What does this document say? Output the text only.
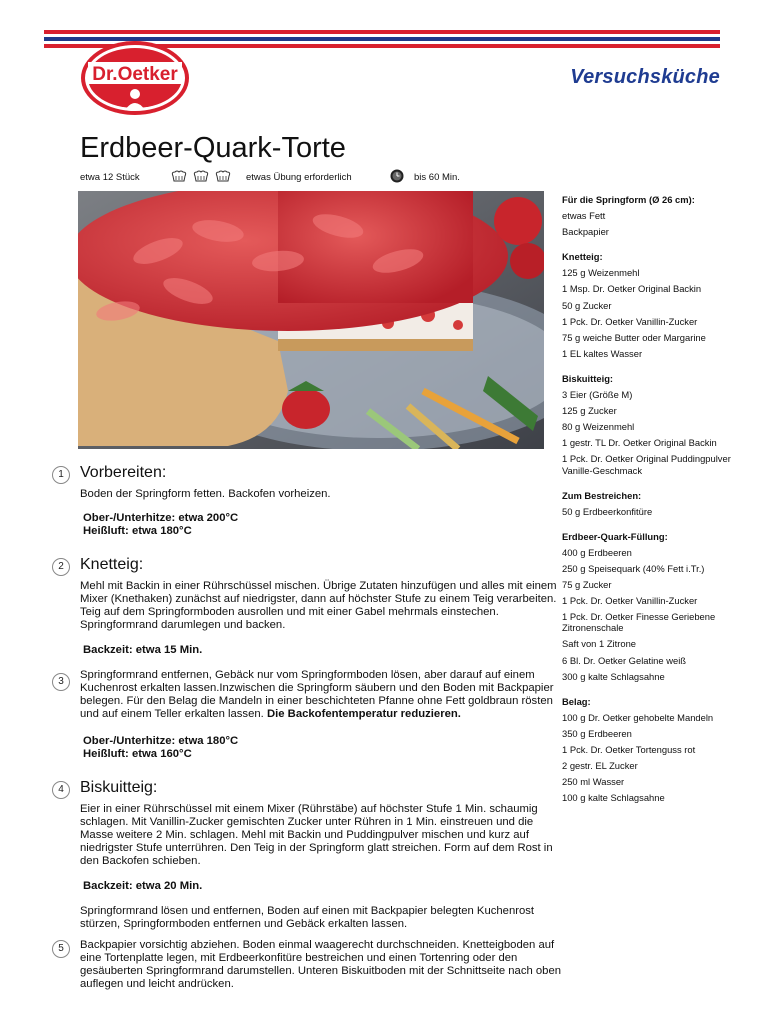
Dr.Oetker	Versuchsküche
Erdbeer-Quark-Torte
etwa 12 Stück	etwas Übung erforderlich	bis 60 Min.
Für die Springform (Ø 26 cm):
etwas Fett
Backpapier
Knetteig:
125 g Weizenmehl
1 Msp. Dr. Oetker Original Backin
50 g Zucker
1 Pck. Dr. Oetker Vanillin-Zucker
75 g weiche Butter oder Margarine
1 EL kaltes Wasser
Biskuitteig:
3 Eier (Größe M)
125 g Zucker
80 g Weizenmehl
1 gestr. TL Dr. Oetker Original Backin
1 Pck. Dr. Oetker Original Puddingpulver Vanille-Geschmack
Zum Bestreichen:
50 g Erdbeerkonfitüre
Erdbeer-Quark-Füllung:
400 g Erdbeeren
250 g Speisequark (40% Fett i.Tr.)
75 g Zucker
1 Pck. Dr. Oetker Vanillin-Zucker
1 Pck. Dr. Oetker Finesse Geriebene Zitronenschale
Saft von 1 Zitrone
6 Bl. Dr. Oetker Gelatine weiß
300 g kalte Schlagsahne
Belag:
100 g Dr. Oetker gehobelte Mandeln
350 g Erdbeeren
1 Pck. Dr. Oetker Tortenguss rot
2 gestr. EL Zucker
250 ml Wasser
100 g kalte Schlagsahne
1	Vorbereiten:

Boden der Springform fetten. Backofen vorheizen.

Ober-/Unterhitze: etwa 200°C
Heißluft: etwa 180°C
2	Knetteig:

Mehl mit Backin in einer Rührschüssel mischen. Übrige Zutaten hinzufügen und alles mit einem Mixer (Knethaken) zunächst auf niedrigster, dann auf höchster Stufe zu einem Teig verarbeiten. Teig auf dem Springformboden ausrollen und mit einer Gabel mehrmals einstechen. Springformrand darumlegen und backen.

Backzeit: etwa 15 Min.
3

Springformrand entfernen, Gebäck nur vom Springformboden lösen, aber darauf auf einem Kuchenrost erkalten lassen.Inzwischen die Springform säubern und den Boden mit Backpapier belegen. Für den Belag die Mandeln in einer beschichteten Pfanne ohne Fett goldbraun rösten und auf einem Teller erkalten lassen. Die Backofentemperatur reduzieren.

Ober-/Unterhitze: etwa 180°C
Heißluft: etwa 160°C
4	Biskuitteig:

Eier in einer Rührschüssel mit einem Mixer (Rührstäbe) auf höchster Stufe 1 Min. schaumig schlagen. Mit Vanillin-Zucker gemischten Zucker unter Rühren in 1 Min. einstreuen und die Masse weitere 2 Min. schlagen. Mehl mit Backin und Puddingpulver mischen und kurz auf niedrigster Stufe unterrühren. Den Teig in der Springform glatt streichen. Form auf dem Rost in den Backofen schieben.

Backzeit: etwa 20 Min.

Springformrand lösen und entfernen, Boden auf einen mit Backpapier belegten Kuchenrost stürzen, Springformboden entfernen und Gebäck erkalten lassen.

5	Backpapier vorsichtig abziehen. Boden einmal waagerecht durchschneiden. Knetteigboden auf eine Tortenplatte legen, mit Erdbeerkonfitüre bestreichen und einen Tortenring oder den gesäuberten Springformrand darumstellen. Unteren Biskuitboden mit der Schnittseite nach oben auflegen und leicht andrücken.
